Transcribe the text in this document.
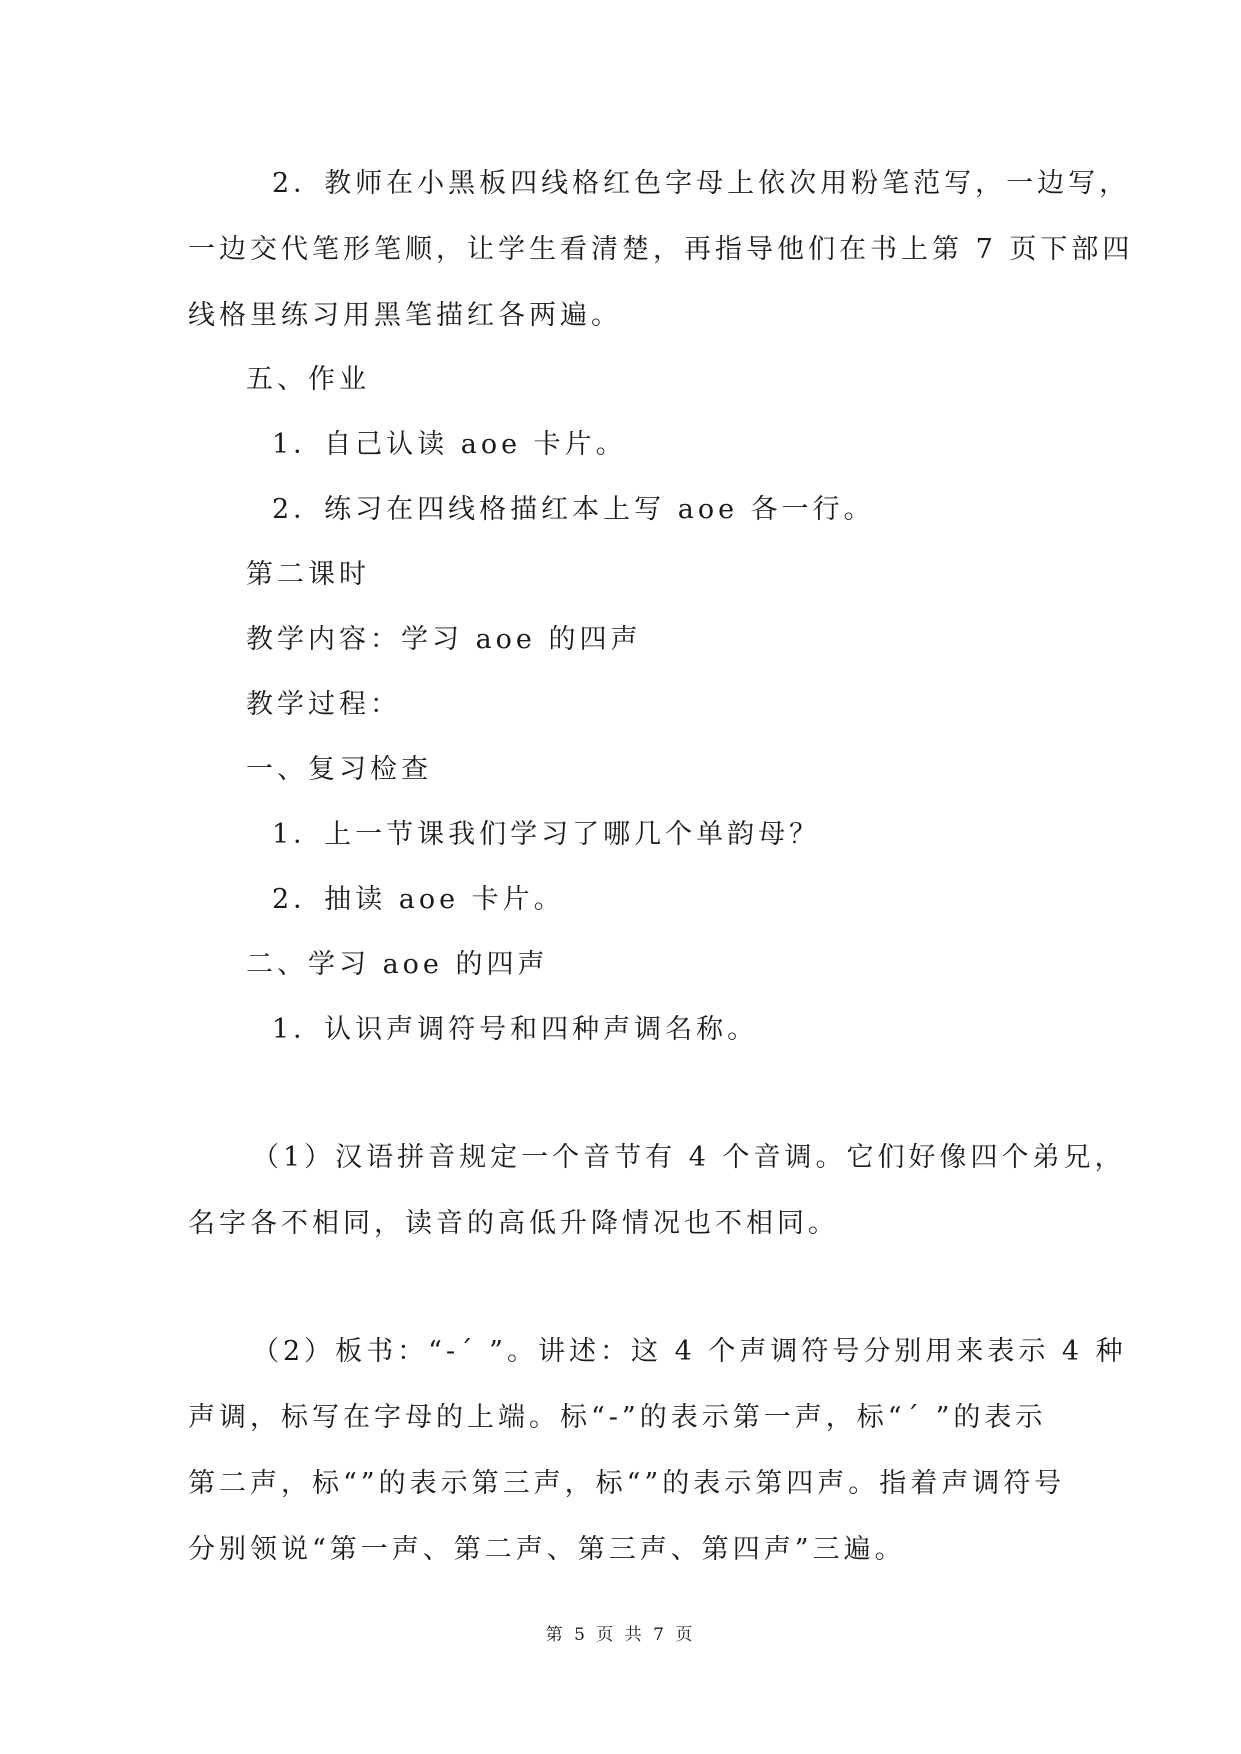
2．教师在小黑板四线格红色字母上依次用粉笔范写，一边写，
一边交代笔形笔顺，让学生看清楚，再指导他们在书上第 7 页下部四
线格里练习用黑笔描红各两遍。
五、作业
1．自己认读 aoe 卡片。
2．练习在四线格描红本上写 aoe 各一行。
第二课时
教学内容：学习 aoe 的四声
教学过程：
一、复习检查
1．上一节课我们学习了哪几个单韵母？
2．抽读 aoe 卡片。
二、学习 aoe 的四声
1．认识声调符号和四种声调名称。
（1）汉语拼音规定一个音节有 4 个音调。它们好像四个弟兄，
名字各不相同，读音的高低升降情况也不相同。
（2）板书：“-ˊ ”。讲述：这 4 个声调符号分别用来表示 4 种
声调，标写在字母的上端。标“-”的表示第一声，标“ˊ ”的表示
第二声，标“”的表示第三声，标“”的表示第四声。指着声调符号
分别领说“第一声、第二声、第三声、第四声”三遍。
第 5 页 共 7 页
